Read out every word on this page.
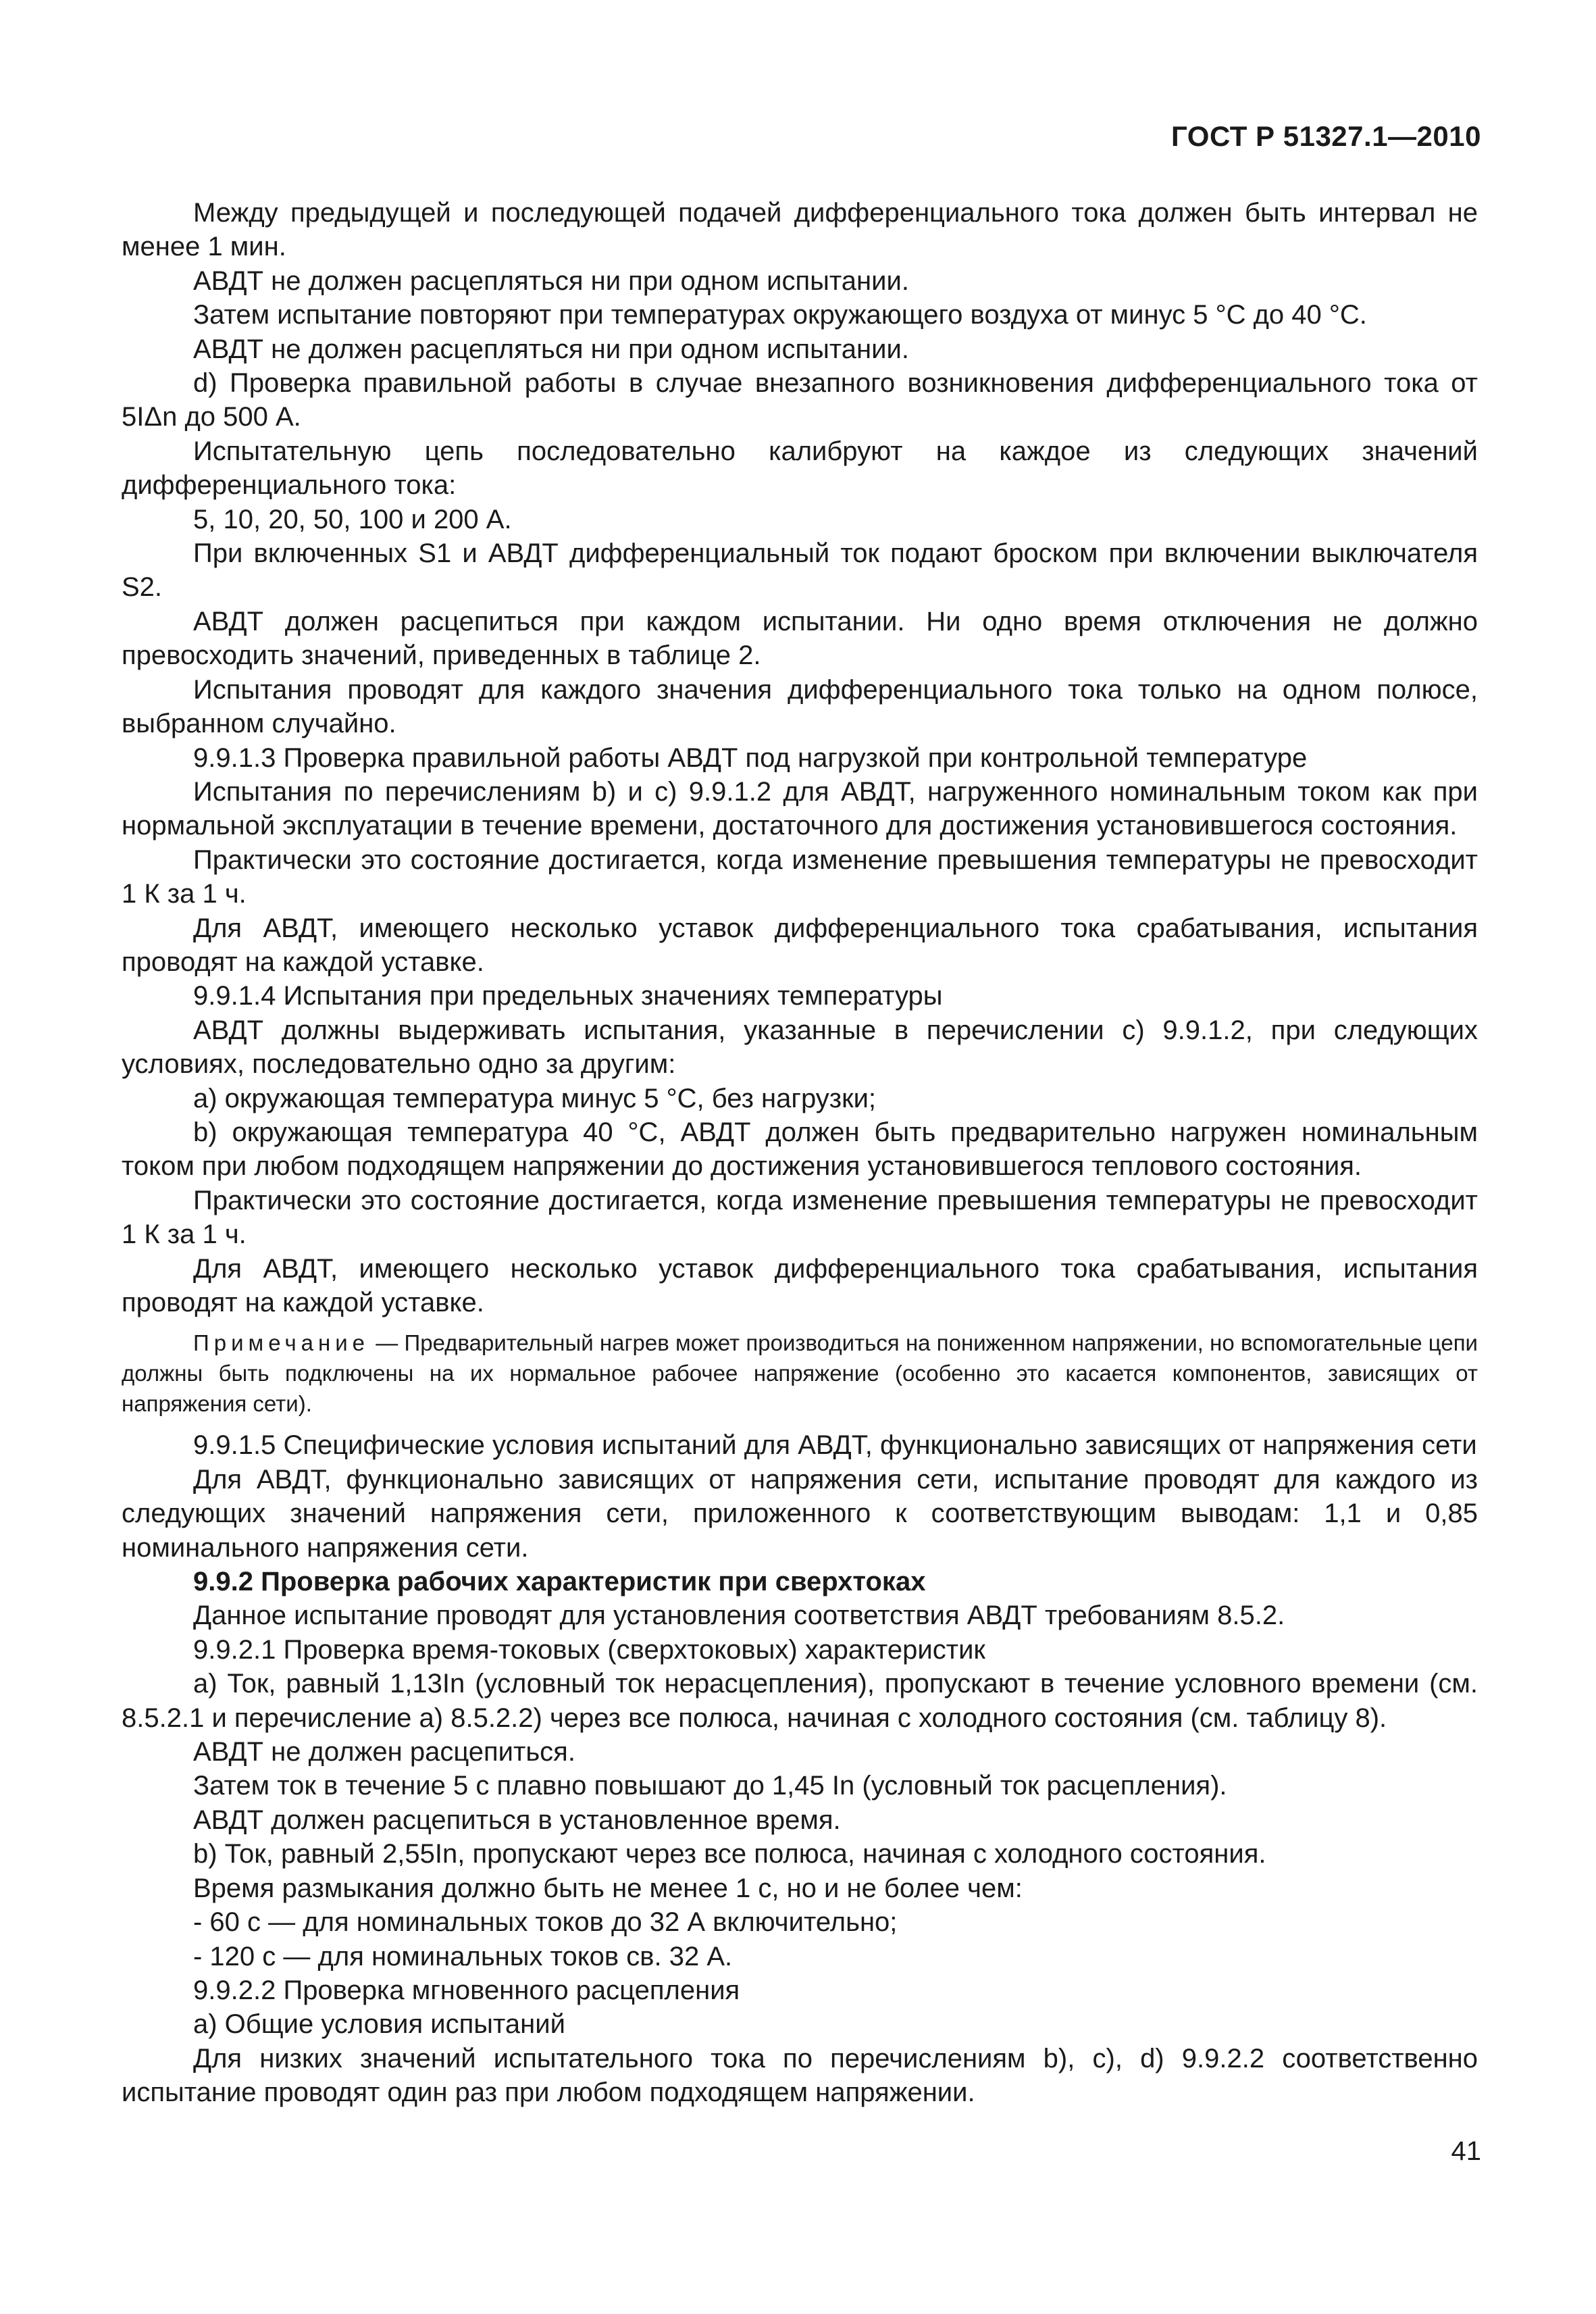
ГОСТ Р 51327.1—2010

Между предыдущей и последующей подачей дифференциального тока должен быть интервал не менее 1 мин.

АВДТ не должен расцепляться ни при одном испытании.

Затем испытание повторяют при температурах окружающего воздуха от минус 5 °С до 40 °С.

АВДТ не должен расцепляться ни при одном испытании.

d) Проверка правильной работы в случае внезапного возникновения дифференциального тока от 5IΔn до 500 А.

Испытательную цепь последовательно калибруют на каждое из следующих значений дифференциального тока:

5, 10, 20, 50, 100 и 200 А.

При включенных S1 и АВДТ дифференциальный ток подают броском при включении выключателя S2.

АВДТ должен расцепиться при каждом испытании. Ни одно время отключения не должно превосходить значений, приведенных в таблице 2.

Испытания проводят для каждого значения дифференциального тока только на одном полюсе, выбранном случайно.

9.9.1.3 Проверка правильной работы АВДТ под нагрузкой при контрольной температуре

Испытания по перечислениям b) и c) 9.9.1.2 для АВДТ, нагруженного номинальным током как при нормальной эксплуатации в течение времени, достаточного для достижения установившегося состояния.

Практически это состояние достигается, когда изменение превышения температуры не превосходит 1 К за 1 ч.

Для АВДТ, имеющего несколько уставок дифференциального тока срабатывания, испытания проводят на каждой уставке.

9.9.1.4 Испытания при предельных значениях температуры

АВДТ должны выдерживать испытания, указанные в перечислении с) 9.9.1.2, при следующих условиях, последовательно одно за другим:

a) окружающая температура минус 5 °С, без нагрузки;

b) окружающая температура 40 °С, АВДТ должен быть предварительно нагружен номинальным током при любом подходящем напряжении до достижения установившегося теплового состояния.

Практически это состояние достигается, когда изменение превышения температуры не превосходит 1 К за 1 ч.

Для АВДТ, имеющего несколько уставок дифференциального тока срабатывания, испытания проводят на каждой уставке.

Примечание — Предварительный нагрев может производиться на пониженном напряжении, но вспомогательные цепи должны быть подключены на их нормальное рабочее напряжение (особенно это касается компонентов, зависящих от напряжения сети).

9.9.1.5 Специфические условия испытаний для АВДТ, функционально зависящих от напряжения сети

Для АВДТ, функционально зависящих от напряжения сети, испытание проводят для каждого из следующих значений напряжения сети, приложенного к соответствующим выводам: 1,1 и 0,85 номинального напряжения сети.

9.9.2 Проверка рабочих характеристик при сверхтоках

Данное испытание проводят для установления соответствия АВДТ требованиям 8.5.2.

9.9.2.1 Проверка время-токовых (сверхтоковых) характеристик

a) Ток, равный 1,13In (условный ток нерасцепления), пропускают в течение условного времени (см. 8.5.2.1 и перечисление а) 8.5.2.2) через все полюса, начиная с холодного состояния (см. таблицу 8).

АВДТ не должен расцепиться.

Затем ток в течение 5 с плавно повышают до 1,45 In (условный ток расцепления).

АВДТ должен расцепиться в установленное время.

b) Ток, равный 2,55In, пропускают через все полюса, начиная с холодного состояния.

Время размыкания должно быть не менее 1 с, но и не более чем:

- 60 с — для номинальных токов до 32 А включительно;

- 120 с — для номинальных токов св. 32 А.

9.9.2.2 Проверка мгновенного расцепления

a) Общие условия испытаний

Для низких значений испытательного тока по перечислениям b), c), d) 9.9.2.2 соответственно испытание проводят один раз при любом подходящем напряжении.

41
